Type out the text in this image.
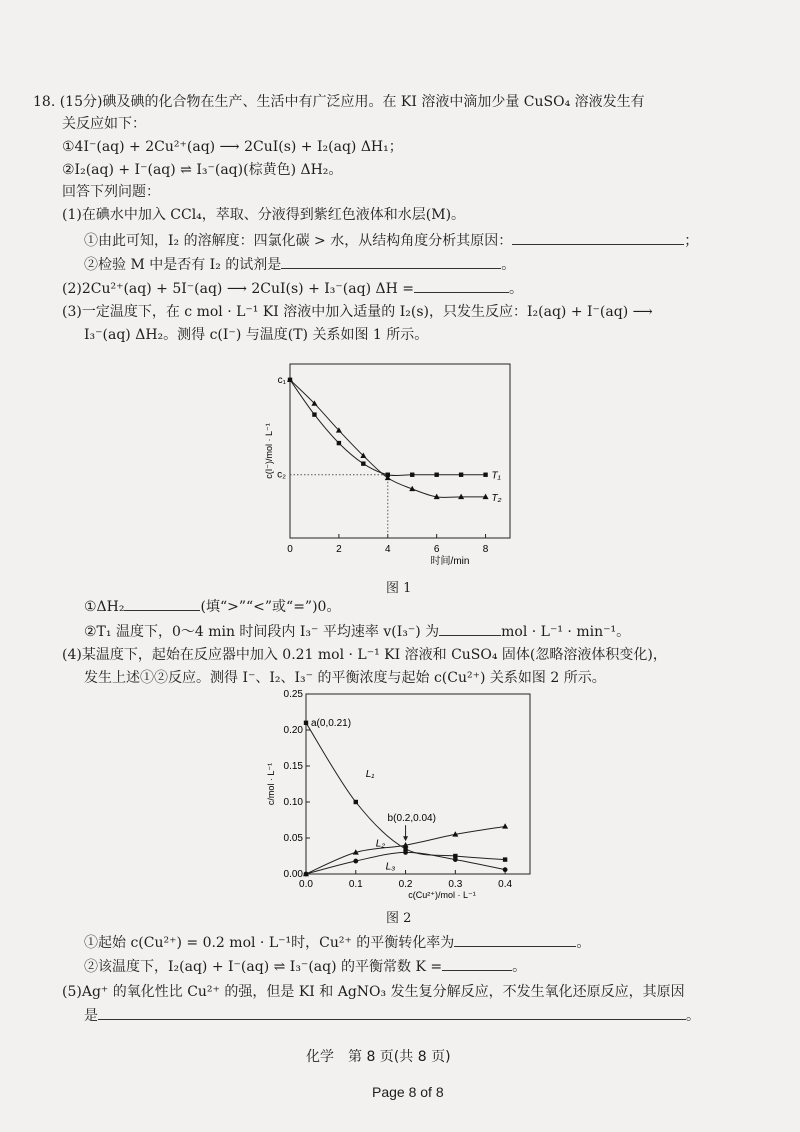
18. (15分)碘及碘的化合物在生产、生活中有广泛应用。在 KI 溶液中滴加少量 CuSO₄ 溶液发生有
关反应如下：
①4I⁻(aq) + 2Cu²⁺(aq) ⟶ 2CuI(s) + I₂(aq) ΔH₁；
②I₂(aq) + I⁻(aq) ⇌ I₃⁻(aq)(棕黄色) ΔH₂。
回答下列问题：
(1)在碘水中加入 CCl₄，萃取、分液得到紫红色液体和水层(M)。
①由此可知，I₂ 的溶解度：四氯化碳 > 水，从结构角度分析其原因：	；
②检验 M 中是否有 I₂ 的试剂是	。
(2)2Cu²⁺(aq) + 5I⁻(aq) ⟶ 2CuI(s) + I₃⁻(aq) ΔH =	。
(3)一定温度下，在 c mol · L⁻¹ KI 溶液中加入适量的 I₂(s)，只发生反应：I₂(aq) + I⁻(aq) ⟶
I₃⁻(aq) ΔH₂。测得 c(I⁻) 与温度(T) 关系如图 1 所示。
0	2	4	6	8
c₁
c₂
时间/min
c(I⁻)/mol · L⁻¹	T₁
T₂
图 1
①ΔH₂	(填“>”“<”或“=”)0。
②T₁ 温度下，0～4 min 时间段内 I₃⁻ 平均速率 v(I₃⁻) 为	mol · L⁻¹ · min⁻¹。
(4)某温度下，起始在反应器中加入 0.21 mol · L⁻¹ KI 溶液和 CuSO₄ 固体(忽略溶液体积变化)，
发生上述①②反应。测得 I⁻、I₂、I₃⁻ 的平衡浓度与起始 c(Cu²⁺) 关系如图 2 所示。
0.0	0.1	0.2	0.3	0.4
0.00
0.05
0.10
0.15
0.20
0.25
c(Cu²⁺)/mol · L⁻¹
c/mol · L⁻¹	L₁
L₂
L₃
a(0,0.21)
b(0.2,0.04)
图 2
①起始 c(Cu²⁺) = 0.2 mol · L⁻¹时，Cu²⁺ 的平衡转化率为	。
②该温度下，I₂(aq) + I⁻(aq) ⇌ I₃⁻(aq) 的平衡常数 K =	。
(5)Ag⁺ 的氧化性比 Cu²⁺ 的强，但是 KI 和 AgNO₃ 发生复分解反应，不发生氧化还原反应，其原因
是	。
化学　第 8 页(共 8 页)
Page 8 of 8
